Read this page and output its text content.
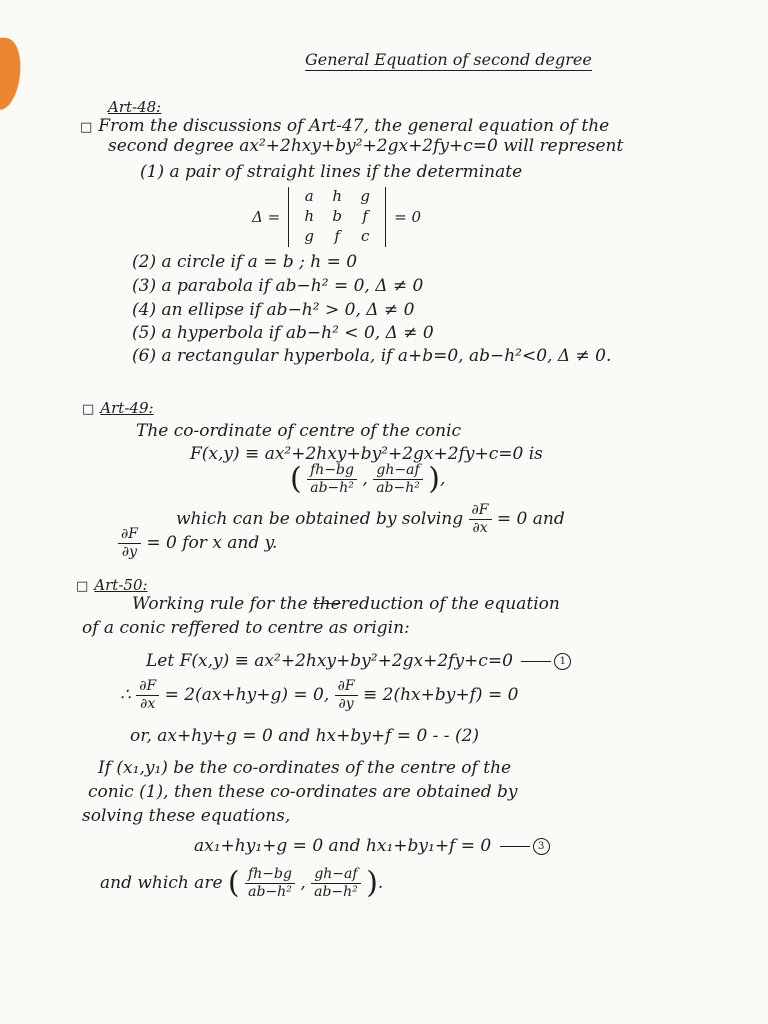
General Equation of second degree
Art-48:
□ From the discussions of Art-47, the general equation of the
second degree ax²+2hxy+by²+2gx+2fy+c=0 will represent
(1) a pair of straight lines if the determinate
Δ =
a	h	g
h	b	f
g	f	c
= 0
(2) a circle if a = b ; h = 0
(3) a parabola if ab−h² = 0, Δ ≠ 0
(4) an ellipse if ab−h² > 0, Δ ≠ 0
(5) a hyperbola if ab−h² < 0, Δ ≠ 0
(6) a rectangular hyperbola, if a+b=0, ab−h²<0, Δ ≠ 0.
□ Art-49:
The co-ordinate of centre of the conic
F(x,y) ≡ ax²+2hxy+by²+2gx+2fy+c=0 is
( $\frac{fh-bg}{\text{ab−h²}}$ , $\frac{gh-af}{\text{ab−h²}}$ ),
which can be obtained by solving $\frac{\partial F}{\partial x} = 0$ and
$\frac{\partial F}{\partial y} = 0$ for x and y.
□ Art-50:
Working rule for the thereduction of the equation
of a conic reffered to centre as origin:
Let F(x,y) ≡ ax²+2hxy+by²+2gx+2fy+c=0	1
∴ $\frac{\partial F}{\partial x} = 2(ax+hy+g) = 0$, $\frac{\partial F}{\partial y} \equiv 2(hx+by+f) = 0$
or, ax+hy+g = 0 and hx+by+f = 0 - - (2)
If (x₁,y₁) be the co-ordinates of the centre of the
conic (1), then these co-ordinates are obtained by
solving these equations,
ax₁+hy₁+g = 0 and hx₁+by₁+f = 0	3
and which are ( $\frac{fh-bg}{\text{ab−h²}}$ , $\frac{gh-af}{\text{ab−h²}}$ ).
